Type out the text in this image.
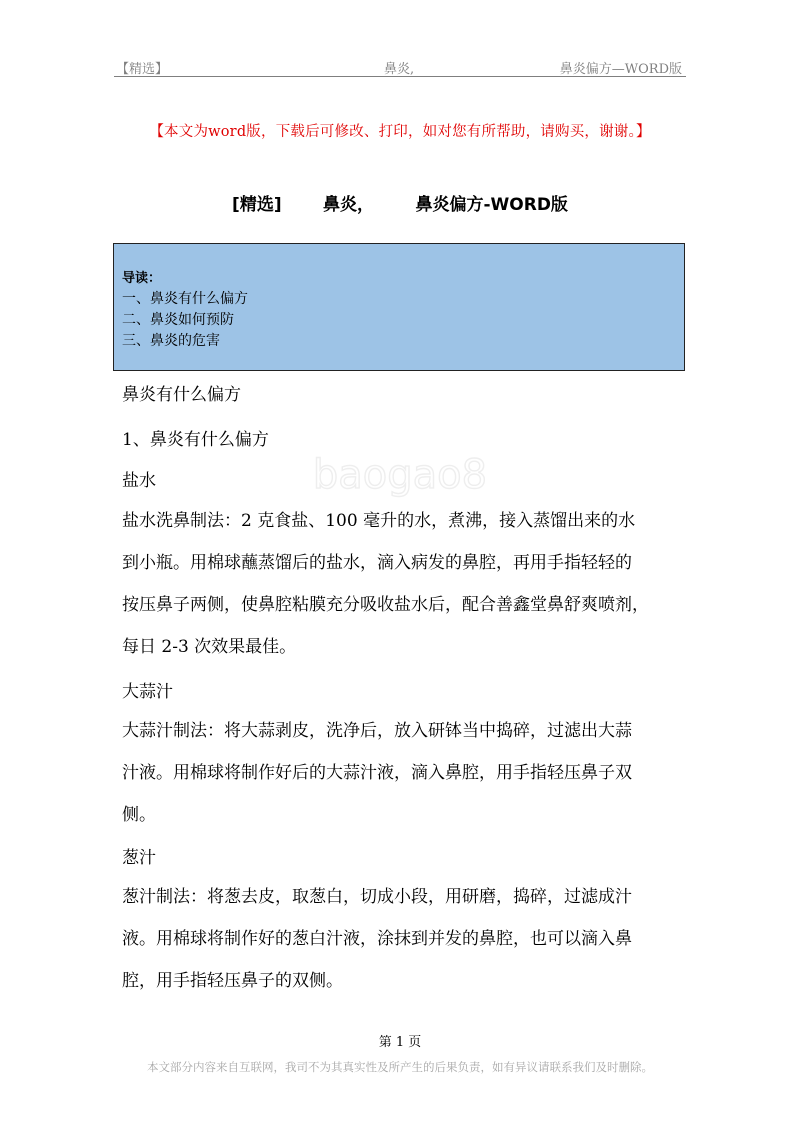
【精选】	鼻炎,	鼻炎偏方—WORD版
【本文为word版，下载后可修改、打印，如对您有所帮助，请购买，谢谢。】
[精选] 鼻炎， 鼻炎偏方-WORD版
导读：
一、鼻炎有什么偏方
二、鼻炎如何预防
三、鼻炎的危害
baogao8
鼻炎有什么偏方
1、鼻炎有什么偏方
盐水
盐水洗鼻制法：2 克食盐、100 毫升的水，煮沸，接入蒸馏出来的水
到小瓶。用棉球蘸蒸馏后的盐水，滴入病发的鼻腔，再用手指轻轻的
按压鼻子两侧，使鼻腔粘膜充分吸收盐水后，配合善鑫堂鼻舒爽喷剂，
每日 2-3 次效果最佳。
大蒜汁
大蒜汁制法：将大蒜剥皮，洗净后，放入研钵当中捣碎，过滤出大蒜
汁液。用棉球将制作好后的大蒜汁液，滴入鼻腔，用手指轻压鼻子双
侧。
葱汁
葱汁制法：将葱去皮，取葱白，切成小段，用研磨，捣碎，过滤成汁
液。用棉球将制作好的葱白汁液，涂抹到并发的鼻腔，也可以滴入鼻
腔，用手指轻压鼻子的双侧。
第 1 页
本文部分内容来自互联网，我司不为其真实性及所产生的后果负责，如有异议请联系我们及时删除。
